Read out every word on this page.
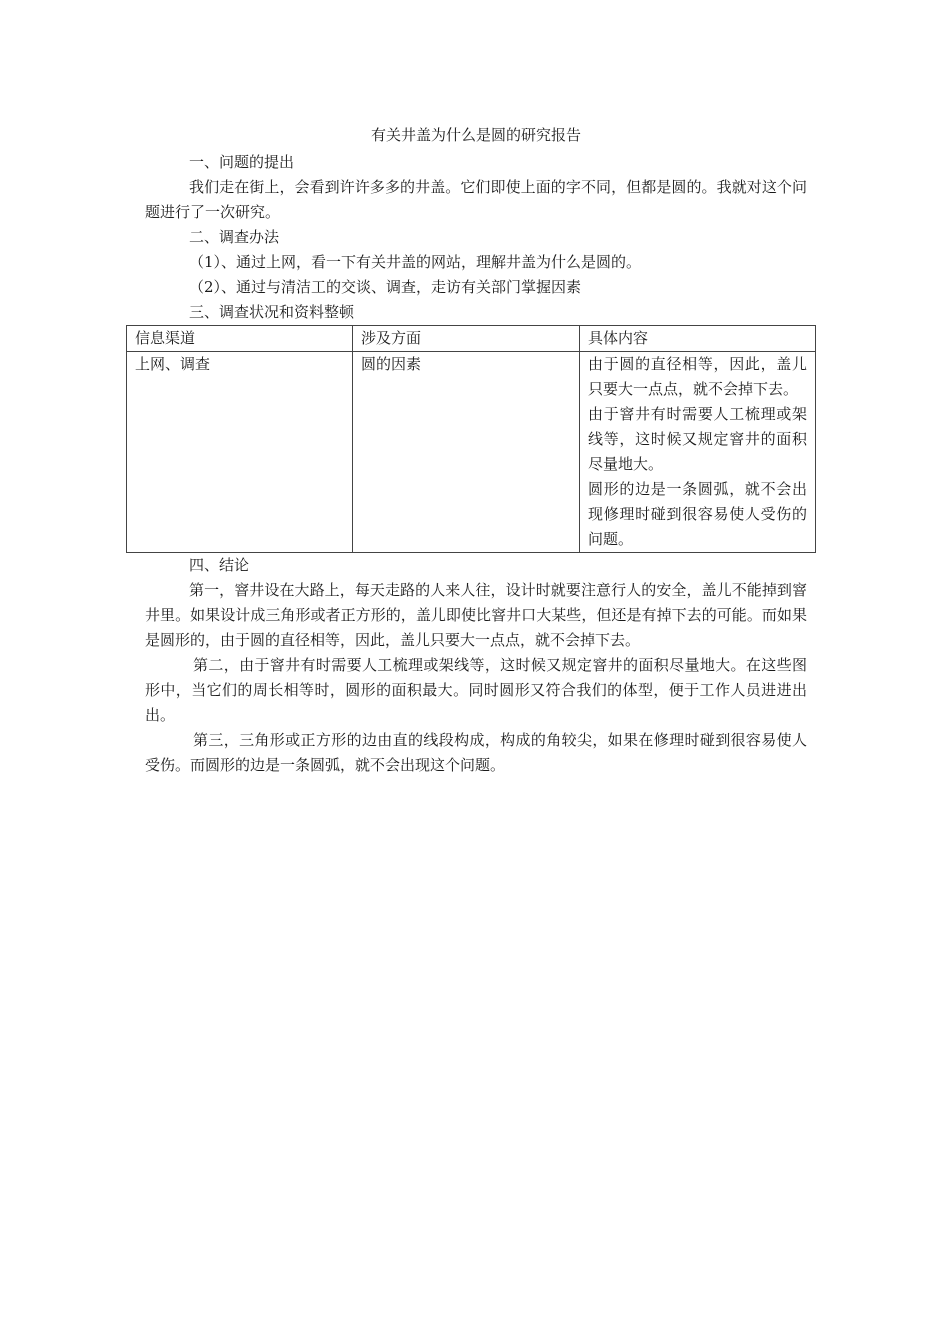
有关井盖为什么是圆的研究报告
一、问题的提出

我们走在街上，会看到许许多多的井盖。它们即使上面的字不同，但都是圆的。我就对这个问题进行了一次研究。

二、调查办法

（1）、通过上网，看一下有关井盖的网站，理解井盖为什么是圆的。

（2）、通过与清洁工的交谈、调查，走访有关部门掌握因素

三、调查状况和资料整顿
信息渠道	涉及方面	具体内容
上网、调查	圆的因素	由于圆的直径相等，因此，盖儿只要大一点点，就不会掉下去。

由于窨井有时需要人工梳理或架线等，这时候又规定窨井的面积尽量地大。

圆形的边是一条圆弧，就不会出现修理时碰到很容易使人受伤的问题。

四、结论

第一，窨井设在大路上，每天走路的人来人往，设计时就要注意行人的安全，盖儿不能掉到窨井里。如果设计成三角形或者正方形的，盖儿即使比窨井口大某些，但还是有掉下去的可能。而如果是圆形的，由于圆的直径相等，因此，盖儿只要大一点点，就不会掉下去。

第二，由于窨井有时需要人工梳理或架线等，这时候又规定窨井的面积尽量地大。在这些图形中，当它们的周长相等时，圆形的面积最大。同时圆形又符合我们的体型，便于工作人员进进出出。

第三，三角形或正方形的边由直的线段构成，构成的角较尖，如果在修理时碰到很容易使人受伤。而圆形的边是一条圆弧，就不会出现这个问题。
